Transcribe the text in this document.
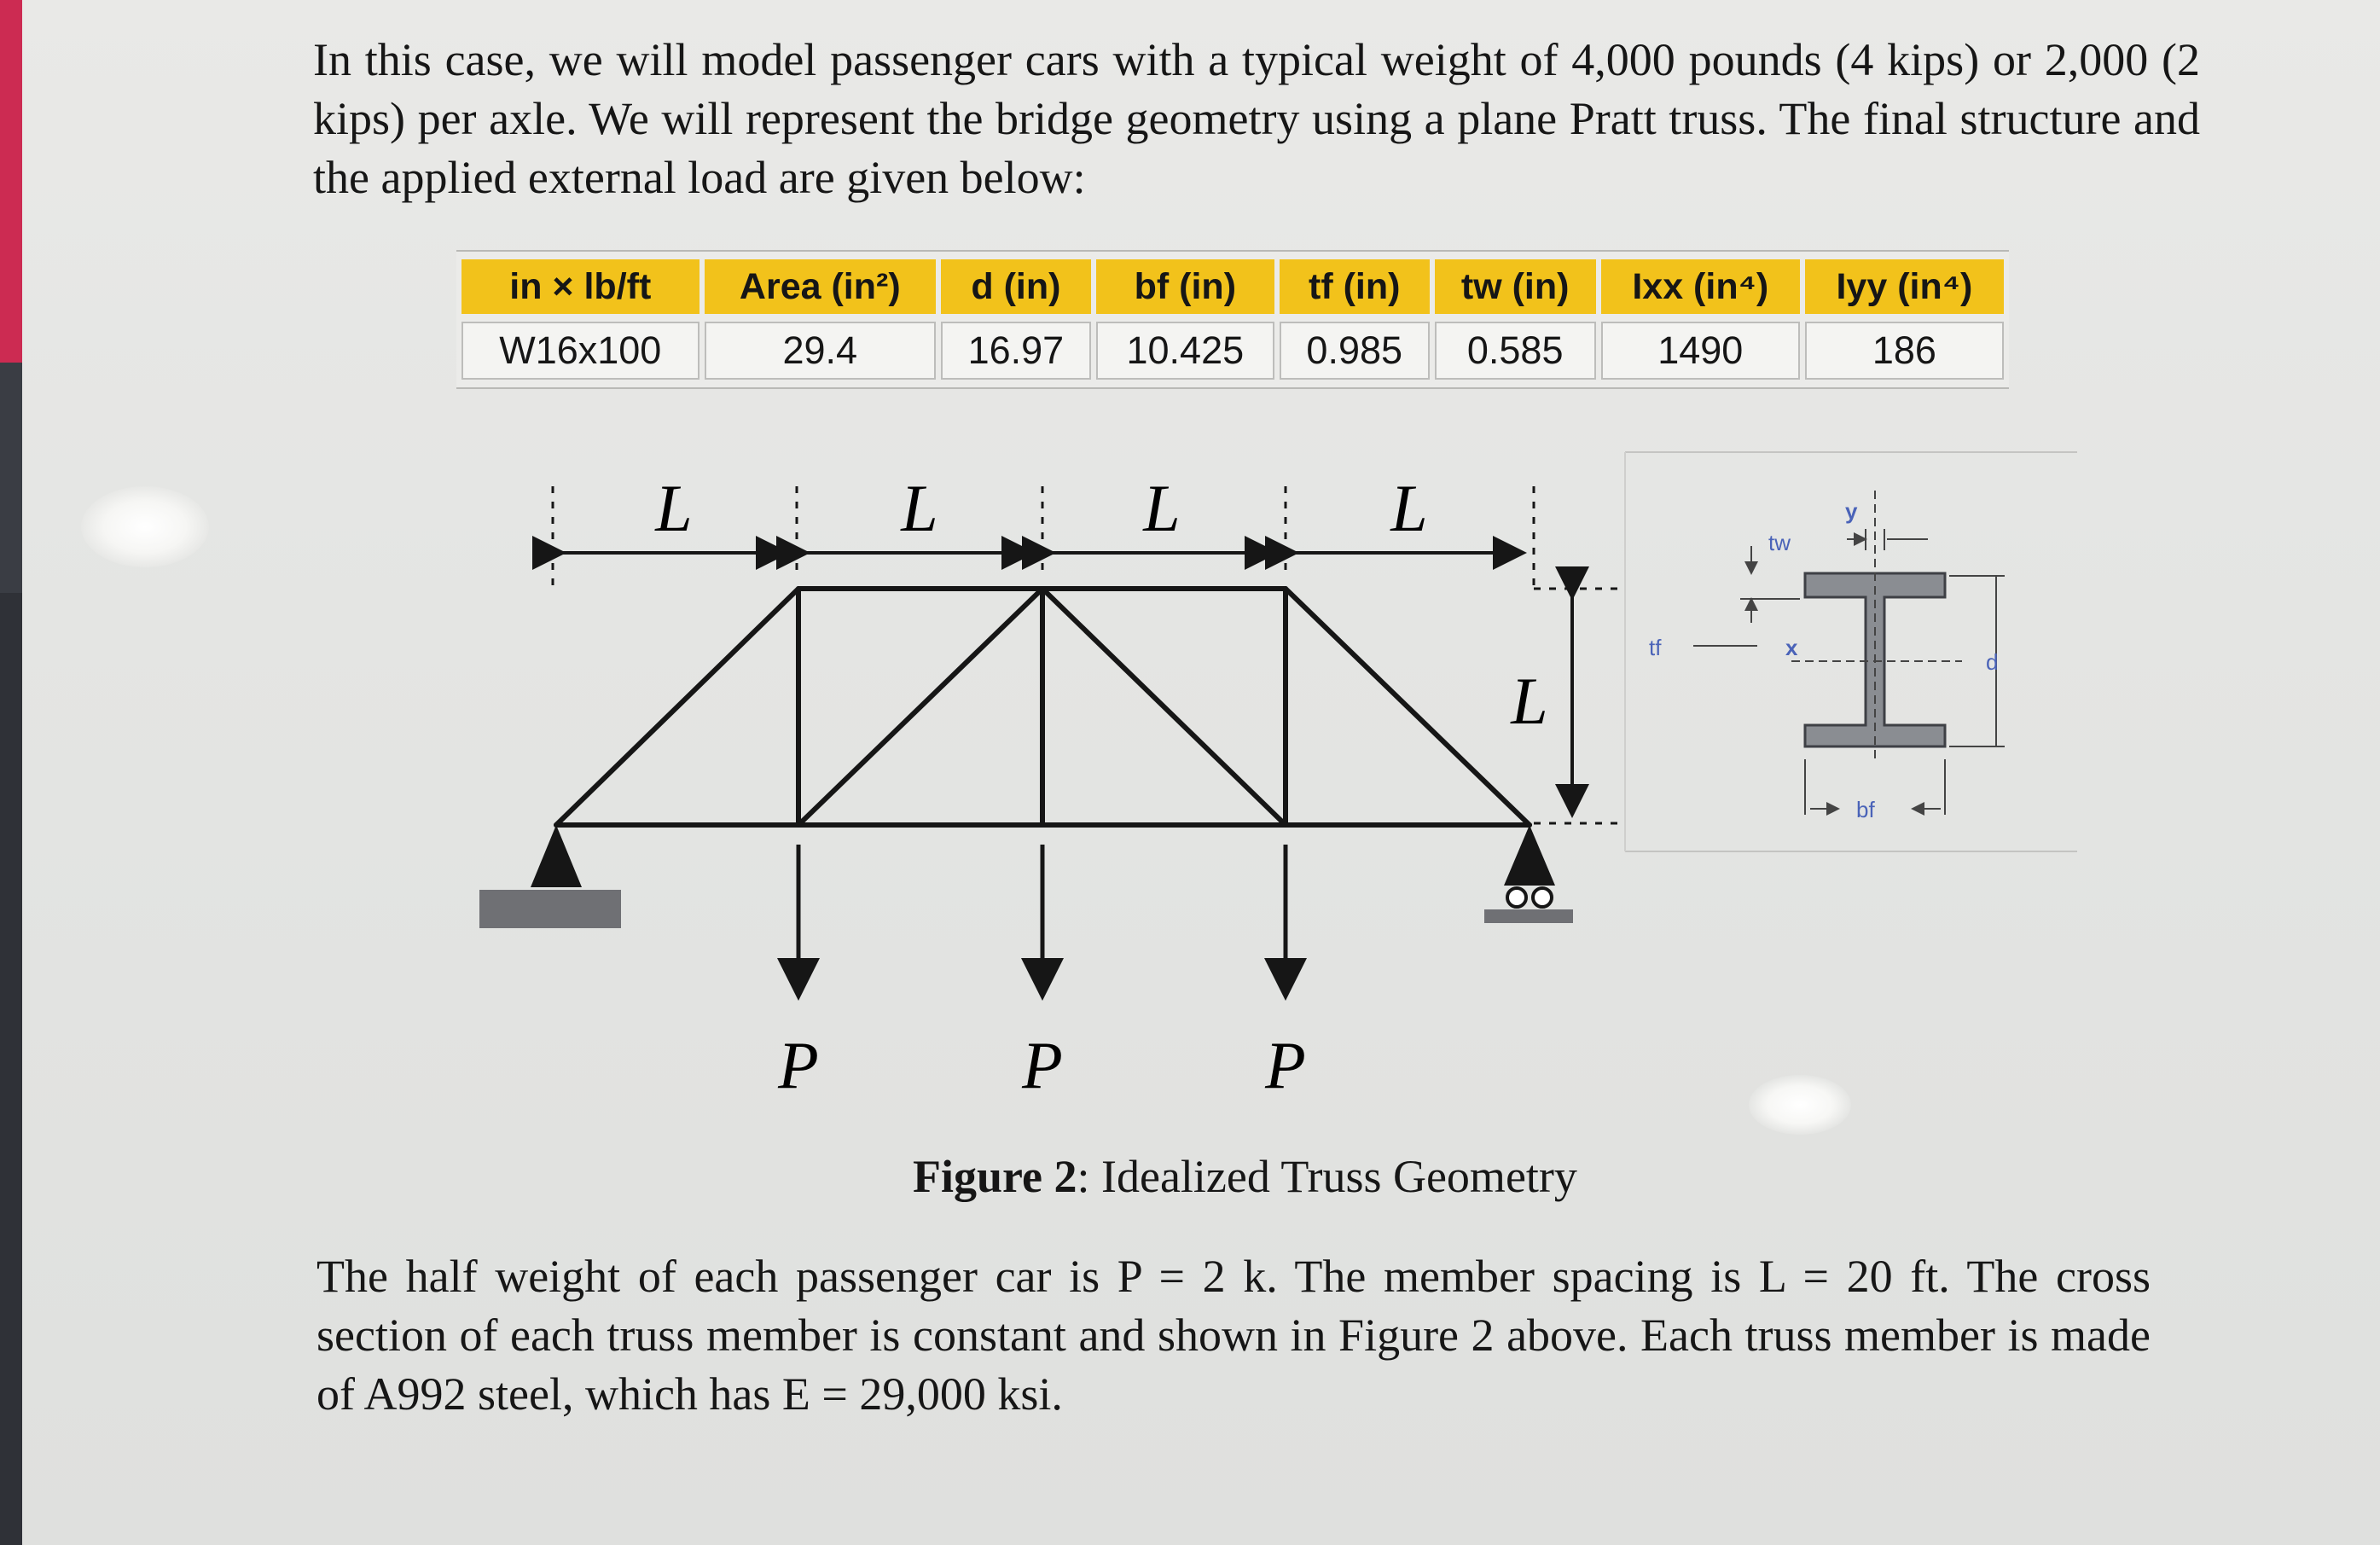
In this case, we will model passenger cars with a typical weight of 4,000 pounds (4 kips) or 2,000 (2 kips) per axle. We will represent the bridge geometry using a plane Pratt truss. The final structure and the applied external load are given below:

in × lb/ft	Area (in²)	d (in)	bf (in)	tf (in)	tw (in)	Ixx (in⁴)	Iyy (in⁴)
W16x100	29.4	16.97	10.425	0.985	0.585	1490	186
L	L	L	L
L
P	P	P
tw
y
tf	x
d
bf
Figure 2: Idealized Truss Geometry

The half weight of each passenger car is P = 2 k. The member spacing is L = 20 ft. The cross section of each truss member is constant and shown in Figure 2 above. Each truss member is made of A992 steel, which has E = 29,000 ksi.
